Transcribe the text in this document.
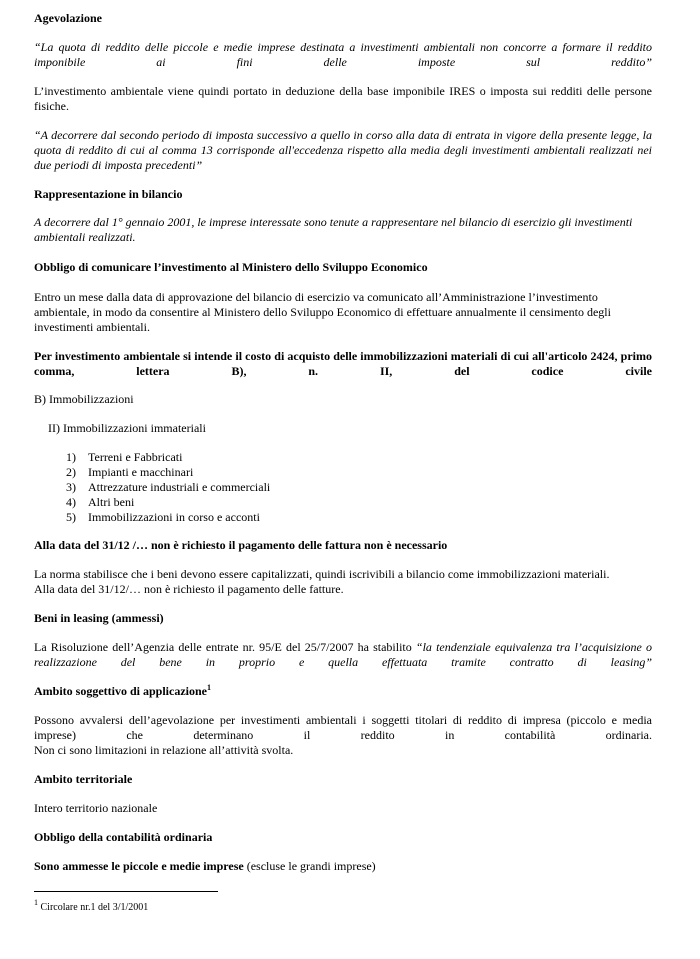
Agevolazione

“La quota di reddito delle piccole e medie imprese destinata a investimenti ambientali non concorre a formare il reddito imponibile ai fini delle imposte sul reddito”

L’investimento ambientale viene quindi portato in deduzione della base imponibile IRES o imposta sui redditi delle persone fisiche.

“A decorrere dal secondo periodo di imposta successivo a quello in corso alla data di entrata in vigore della presente legge, la quota di reddito di cui al comma 13 corrisponde all'eccedenza rispetto alla media degli investimenti ambientali realizzati nei due periodi di imposta precedenti”

Rappresentazione in bilancio

A decorrere dal 1° gennaio 2001, le imprese interessate sono tenute a rappresentare nel bilancio di esercizio gli investimenti ambientali realizzati.

Obbligo di comunicare l’investimento al Ministero dello Sviluppo Economico

Entro un mese dalla data di approvazione del bilancio di esercizio va comunicato all’Amministrazione l’investimento ambientale, in modo da consentire al Ministero dello Sviluppo Economico di effettuare annualmente il censimento degli investimenti ambientali.

Per investimento ambientale si intende il costo di acquisto delle immobilizzazioni materiali di cui all'articolo 2424, primo comma, lettera B), n. II, del codice civile

B) Immobilizzazioni

II) Immobilizzazioni immateriali

1) Terreni e Fabbricati
2) Impianti e macchinari
3) Attrezzature industriali e commerciali
4) Altri beni
5) Immobilizzazioni in corso e acconti

Alla data del 31/12 /… non è richiesto il pagamento delle fattura non è necessario

La norma stabilisce che i beni devono essere capitalizzati, quindi iscrivibili a bilancio come immobilizzazioni materiali.

Alla data del 31/12/… non è richiesto il pagamento delle fatture.

Beni in leasing (ammessi)

La Risoluzione dell’Agenzia delle entrate nr. 95/E del 25/7/2007 ha stabilito “la tendenziale equivalenza tra l’acquisizione o realizzazione del bene in proprio e quella effettuata tramite contratto di leasing”

Ambito soggettivo di applicazione$^1$

Possono avvalersi dell’agevolazione per investimenti ambientali i soggetti titolari di reddito di impresa (piccolo e media imprese) che determinano il reddito in contabilità ordinaria.

Non ci sono limitazioni in relazione all’attività svolta.

Ambito territoriale

Intero territorio nazionale

Obbligo della contabilità ordinaria

Sono ammesse le piccole e medie imprese (escluse le grandi imprese)

$^1$ Circolare nr.1 del 3/1/2001
